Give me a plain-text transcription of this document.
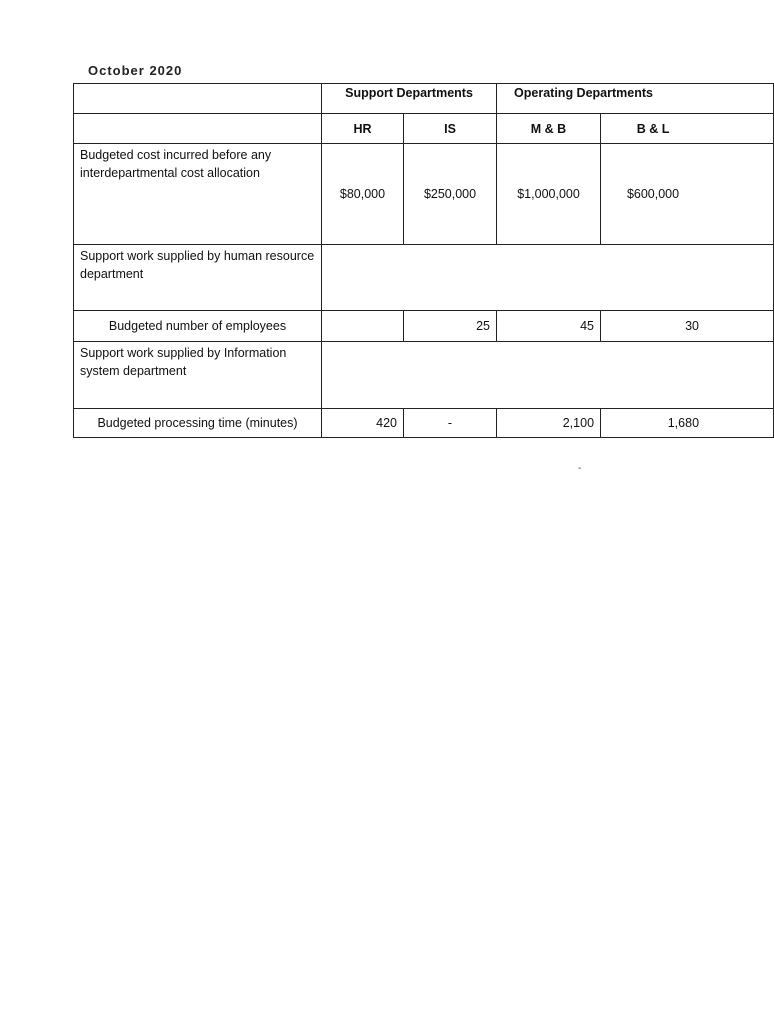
October 2020
	Support Departments		Operating Departments	

	HR	IS	M & B	B & L

Budgeted cost incurred before any interdepartmental cost allocation	$80,000	$250,000	$1,000,000	$600,000

Support work supplied by human resource department				
Budgeted number of employees		25	45	30

Support work supplied by Information system department				
Budgeted processing time (minutes)	420	-	2,100	1,680
-
